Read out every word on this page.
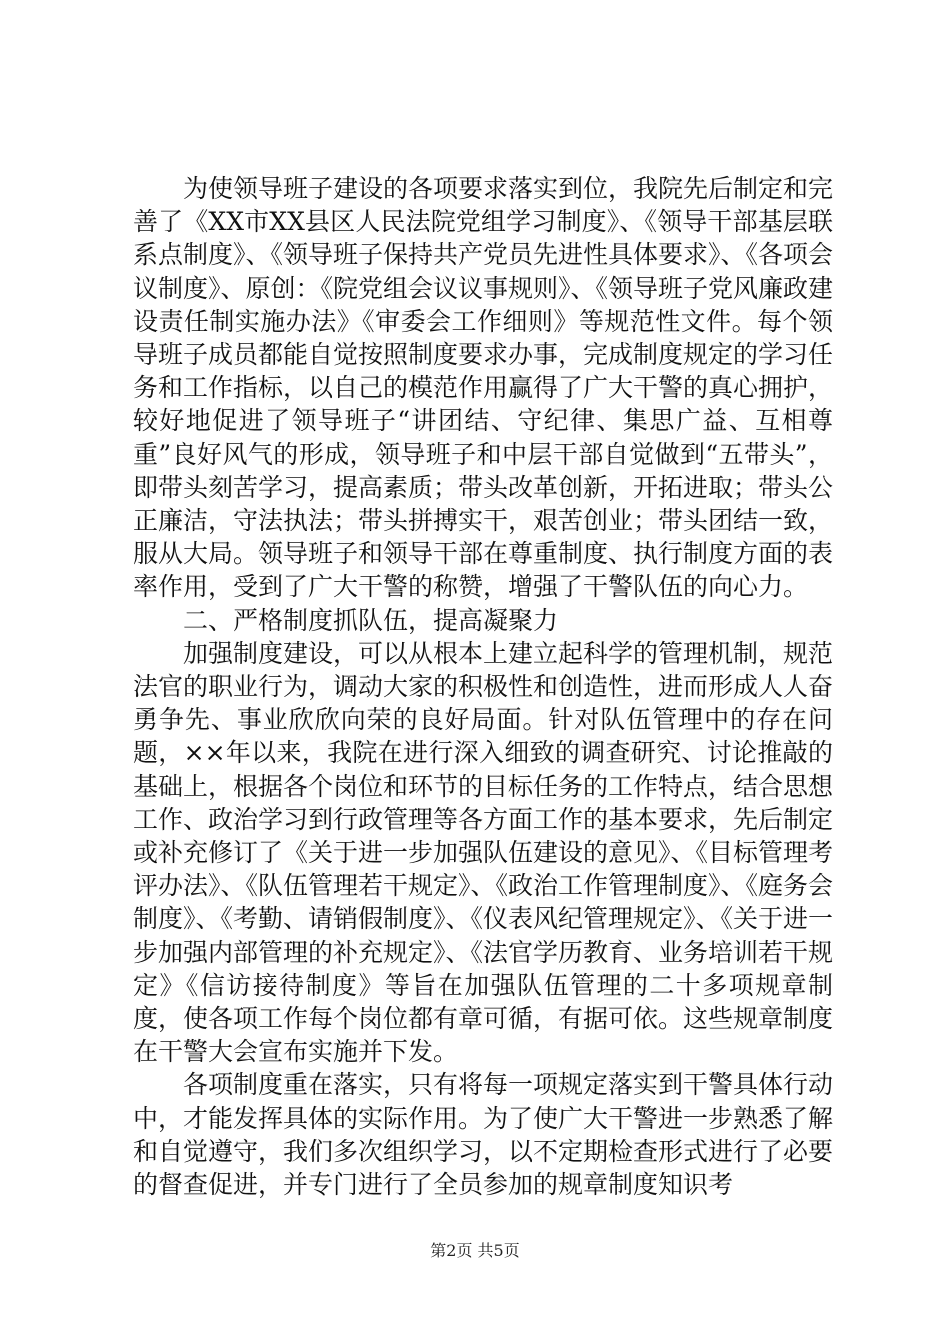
为使领导班子建设的各项要求落实到位，我院先后制定和完善了《XX市XX县区人民法院党组学习制度》、《领导干部基层联系点制度》、《领导班子保持共产党员先进性具体要求》、《各项会议制度》、原创：《院党组会议议事规则》、《领导班子党风廉政建设责任制实施办法》《审委会工作细则》等规范性文件。每个领导班子成员都能自觉按照制度要求办事，完成制度规定的学习任务和工作指标，以自己的模范作用赢得了广大干警的真心拥护，较好地促进了领导班子“讲团结、守纪律、集思广益、互相尊重”良好风气的形成，领导班子和中层干部自觉做到“五带头”，即带头刻苦学习，提高素质；带头改革创新，开拓进取；带头公正廉洁，守法执法；带头拼搏实干，艰苦创业；带头团结一致，服从大局。领导班子和领导干部在尊重制度、执行制度方面的表率作用，受到了广大干警的称赞，增强了干警队伍的向心力。

二、严格制度抓队伍，提高凝聚力

加强制度建设，可以从根本上建立起科学的管理机制，规范法官的职业行为，调动大家的积极性和创造性，进而形成人人奋勇争先、事业欣欣向荣的良好局面。针对队伍管理中的存在问题，××年以来，我院在进行深入细致的调查研究、讨论推敲的基础上，根据各个岗位和环节的目标任务的工作特点，结合思想工作、政治学习到行政管理等各方面工作的基本要求，先后制定或补充修订了《关于进一步加强队伍建设的意见》、《目标管理考评办法》、《队伍管理若干规定》、《政治工作管理制度》、《庭务会制度》、《考勤、请销假制度》、《仪表风纪管理规定》、《关于进一步加强内部管理的补充规定》、《法官学历教育、业务培训若干规定》《信访接待制度》等旨在加强队伍管理的二十多项规章制度，使各项工作每个岗位都有章可循，有据可依。这些规章制度在干警大会宣布实施并下发。

各项制度重在落实，只有将每一项规定落实到干警具体行动中，才能发挥具体的实际作用。为了使广大干警进一步熟悉了解和自觉遵守，我们多次组织学习，以不定期检查形式进行了必要的督查促进，并专门进行了全员参加的规章制度知识考

第2页 共5页
